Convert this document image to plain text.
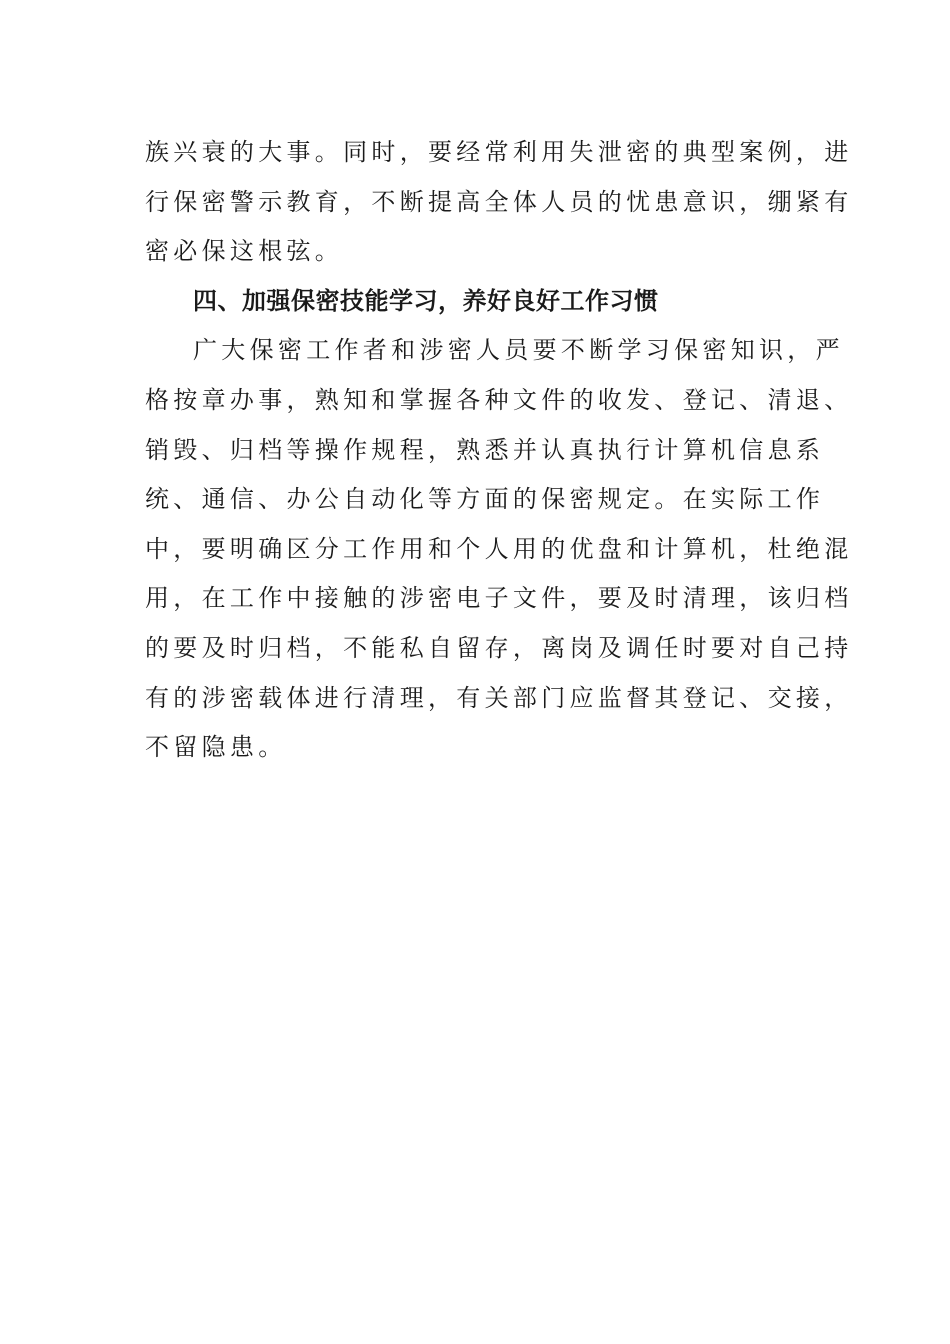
族兴衰的大事。同时，要经常利用失泄密的典型案例，进
行保密警示教育，不断提高全体人员的忧患意识，绷紧有
密必保这根弦。
四、加强保密技能学习，养好良好工作习惯
广大保密工作者和涉密人员要不断学习保密知识，严
格按章办事，熟知和掌握各种文件的收发、登记、清退、
销毁、归档等操作规程，熟悉并认真执行计算机信息系
统、通信、办公自动化等方面的保密规定。在实际工作
中，要明确区分工作用和个人用的优盘和计算机，杜绝混
用，在工作中接触的涉密电子文件，要及时清理，该归档
的要及时归档，不能私自留存，离岗及调任时要对自己持
有的涉密载体进行清理，有关部门应监督其登记、交接，
不留隐患。
